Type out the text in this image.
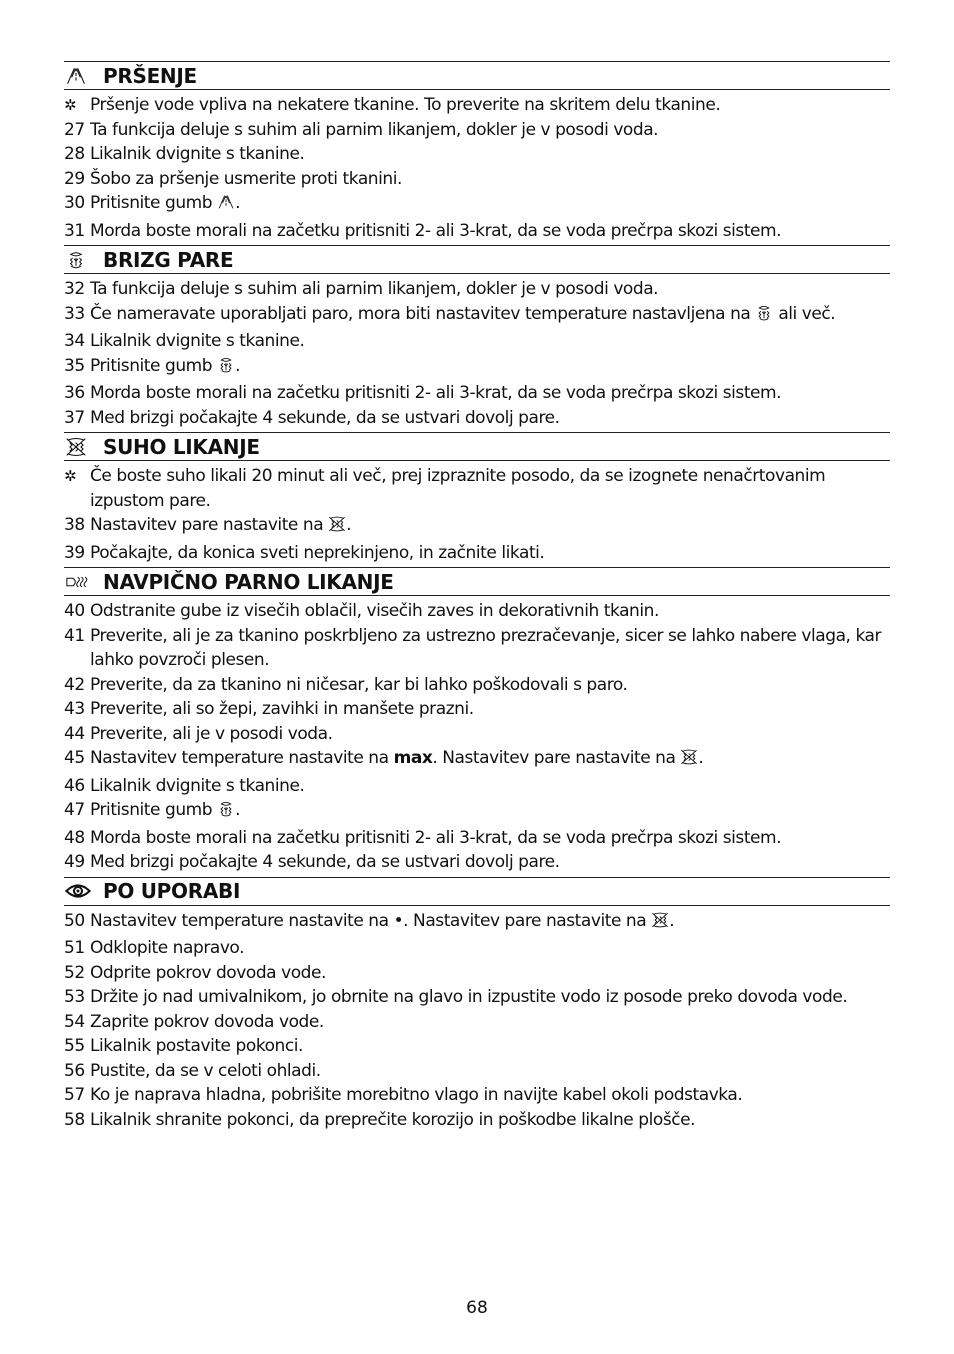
PRŠENJE
✲ Pršenje vode vpliva na nekatere tkanine. To preverite na skritem delu tkanine.
27 Ta funkcija deluje s suhim ali parnim likanjem, dokler je v posodi voda.
28 Likalnik dvignite s tkanine.
29 Šobo za pršenje usmerite proti tkanini.
30 Pritisnite gumb .
31 Morda boste morali na začetku pritisniti 2- ali 3-krat, da se voda prečrpa skozi sistem.
BRIZG PARE
32 Ta funkcija deluje s suhim ali parnim likanjem, dokler je v posodi voda.
33 Če nameravate uporabljati paro, mora biti nastavitev temperature nastavljena na  ali več.
34 Likalnik dvignite s tkanine.
35 Pritisnite gumb .
36 Morda boste morali na začetku pritisniti 2- ali 3-krat, da se voda prečrpa skozi sistem.
37 Med brizgi počakajte 4 sekunde, da se ustvari dovolj pare.
SUHO LIKANJE
✲ Če boste suho likali 20 minut ali več, prej izpraznite posodo, da se izognete nenačrtovanim izpustom pare.
38 Nastavitev pare nastavite na .
39 Počakajte, da konica sveti neprekinjeno, in začnite likati.
NAVPIČNO PARNO LIKANJE
40 Odstranite gube iz visečih oblačil, visečih zaves in dekorativnih tkanin.
41 Preverite, ali je za tkanino poskrbljeno za ustrezno prezračevanje, sicer se lahko nabere vlaga, kar lahko povzroči plesen.
42 Preverite, da za tkanino ni ničesar, kar bi lahko poškodovali s paro.
43 Preverite, ali so žepi, zavihki in manšete prazni.
44 Preverite, ali je v posodi voda.
45 Nastavitev temperature nastavite na max. Nastavitev pare nastavite na .
46 Likalnik dvignite s tkanine.
47 Pritisnite gumb .
48 Morda boste morali na začetku pritisniti 2- ali 3-krat, da se voda prečrpa skozi sistem.
49 Med brizgi počakajte 4 sekunde, da se ustvari dovolj pare.
PO UPORABI
50 Nastavitev temperature nastavite na •. Nastavitev pare nastavite na .
51 Odklopite napravo.
52 Odprite pokrov dovoda vode.
53 Držite jo nad umivalnikom, jo obrnite na glavo in izpustite vodo iz posode preko dovoda vode.
54 Zaprite pokrov dovoda vode.
55 Likalnik postavite pokonci.
56 Pustite, da se v celoti ohladi.
57 Ko je naprava hladna, pobrišite morebitno vlago in navijte kabel okoli podstavka.
58 Likalnik shranite pokonci, da preprečite korozijo in poškodbe likalne plošče.
68
